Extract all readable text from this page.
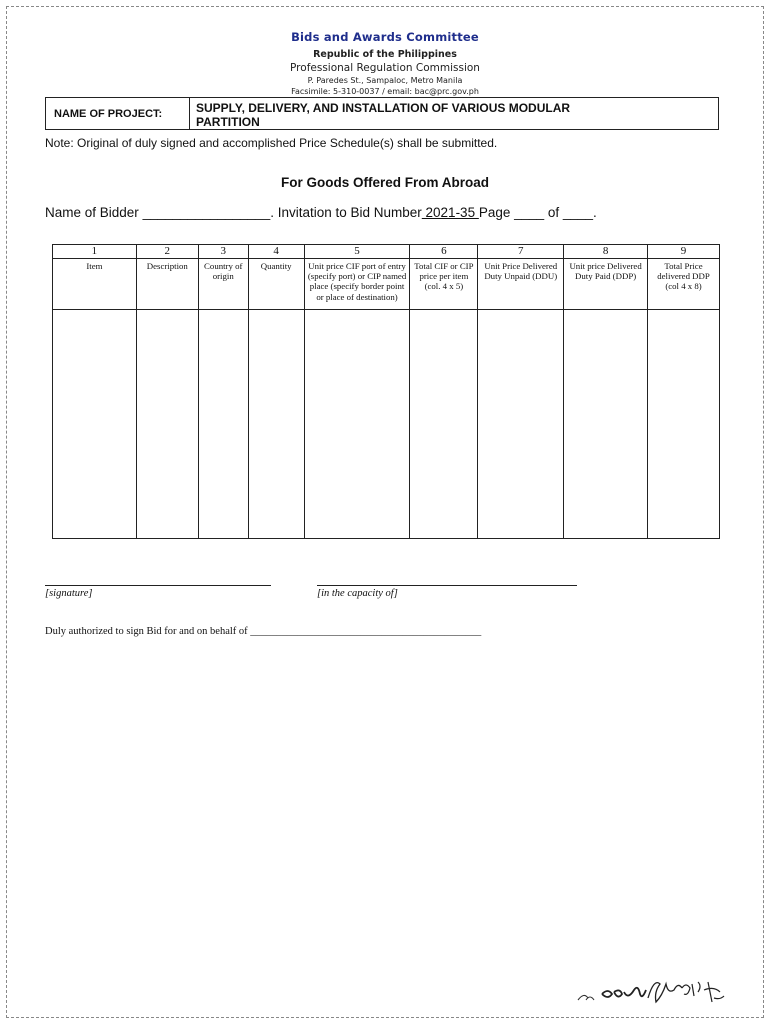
Bids and Awards Committee
Republic of the Philippines
Professional Regulation Commission
P. Paredes St., Sampaloc, Metro Manila
Facsimile: 5-310-0037 / email: bac@prc.gov.ph
NAME OF PROJECT:	SUPPLY, DELIVERY, AND INSTALLATION OF VARIOUS MODULAR
PARTITION
Note: Original of duly signed and accomplished Price Schedule(s) shall be submitted.
For Goods Offered From Abroad
Name of Bidder _________________. Invitation to Bid Number 2021-35 Page ____ of ____.
1	2	3	4	5	6	7	8	9
Item	Description	Country of origin	Quantity	Unit price CIF port of entry (specify port) or CIP named place (specify border point or place of destination)	Total CIF or CIP price per item (col. 4 x 5)	Unit Price Delivered Duty Unpaid (DDU)	Unit price Delivered Duty Paid (DDP)	Total Price delivered DDP (col 4 x 8)

[signature]	[in the capacity of]
Duly authorized to sign Bid for and on behalf of ____________________________________________
